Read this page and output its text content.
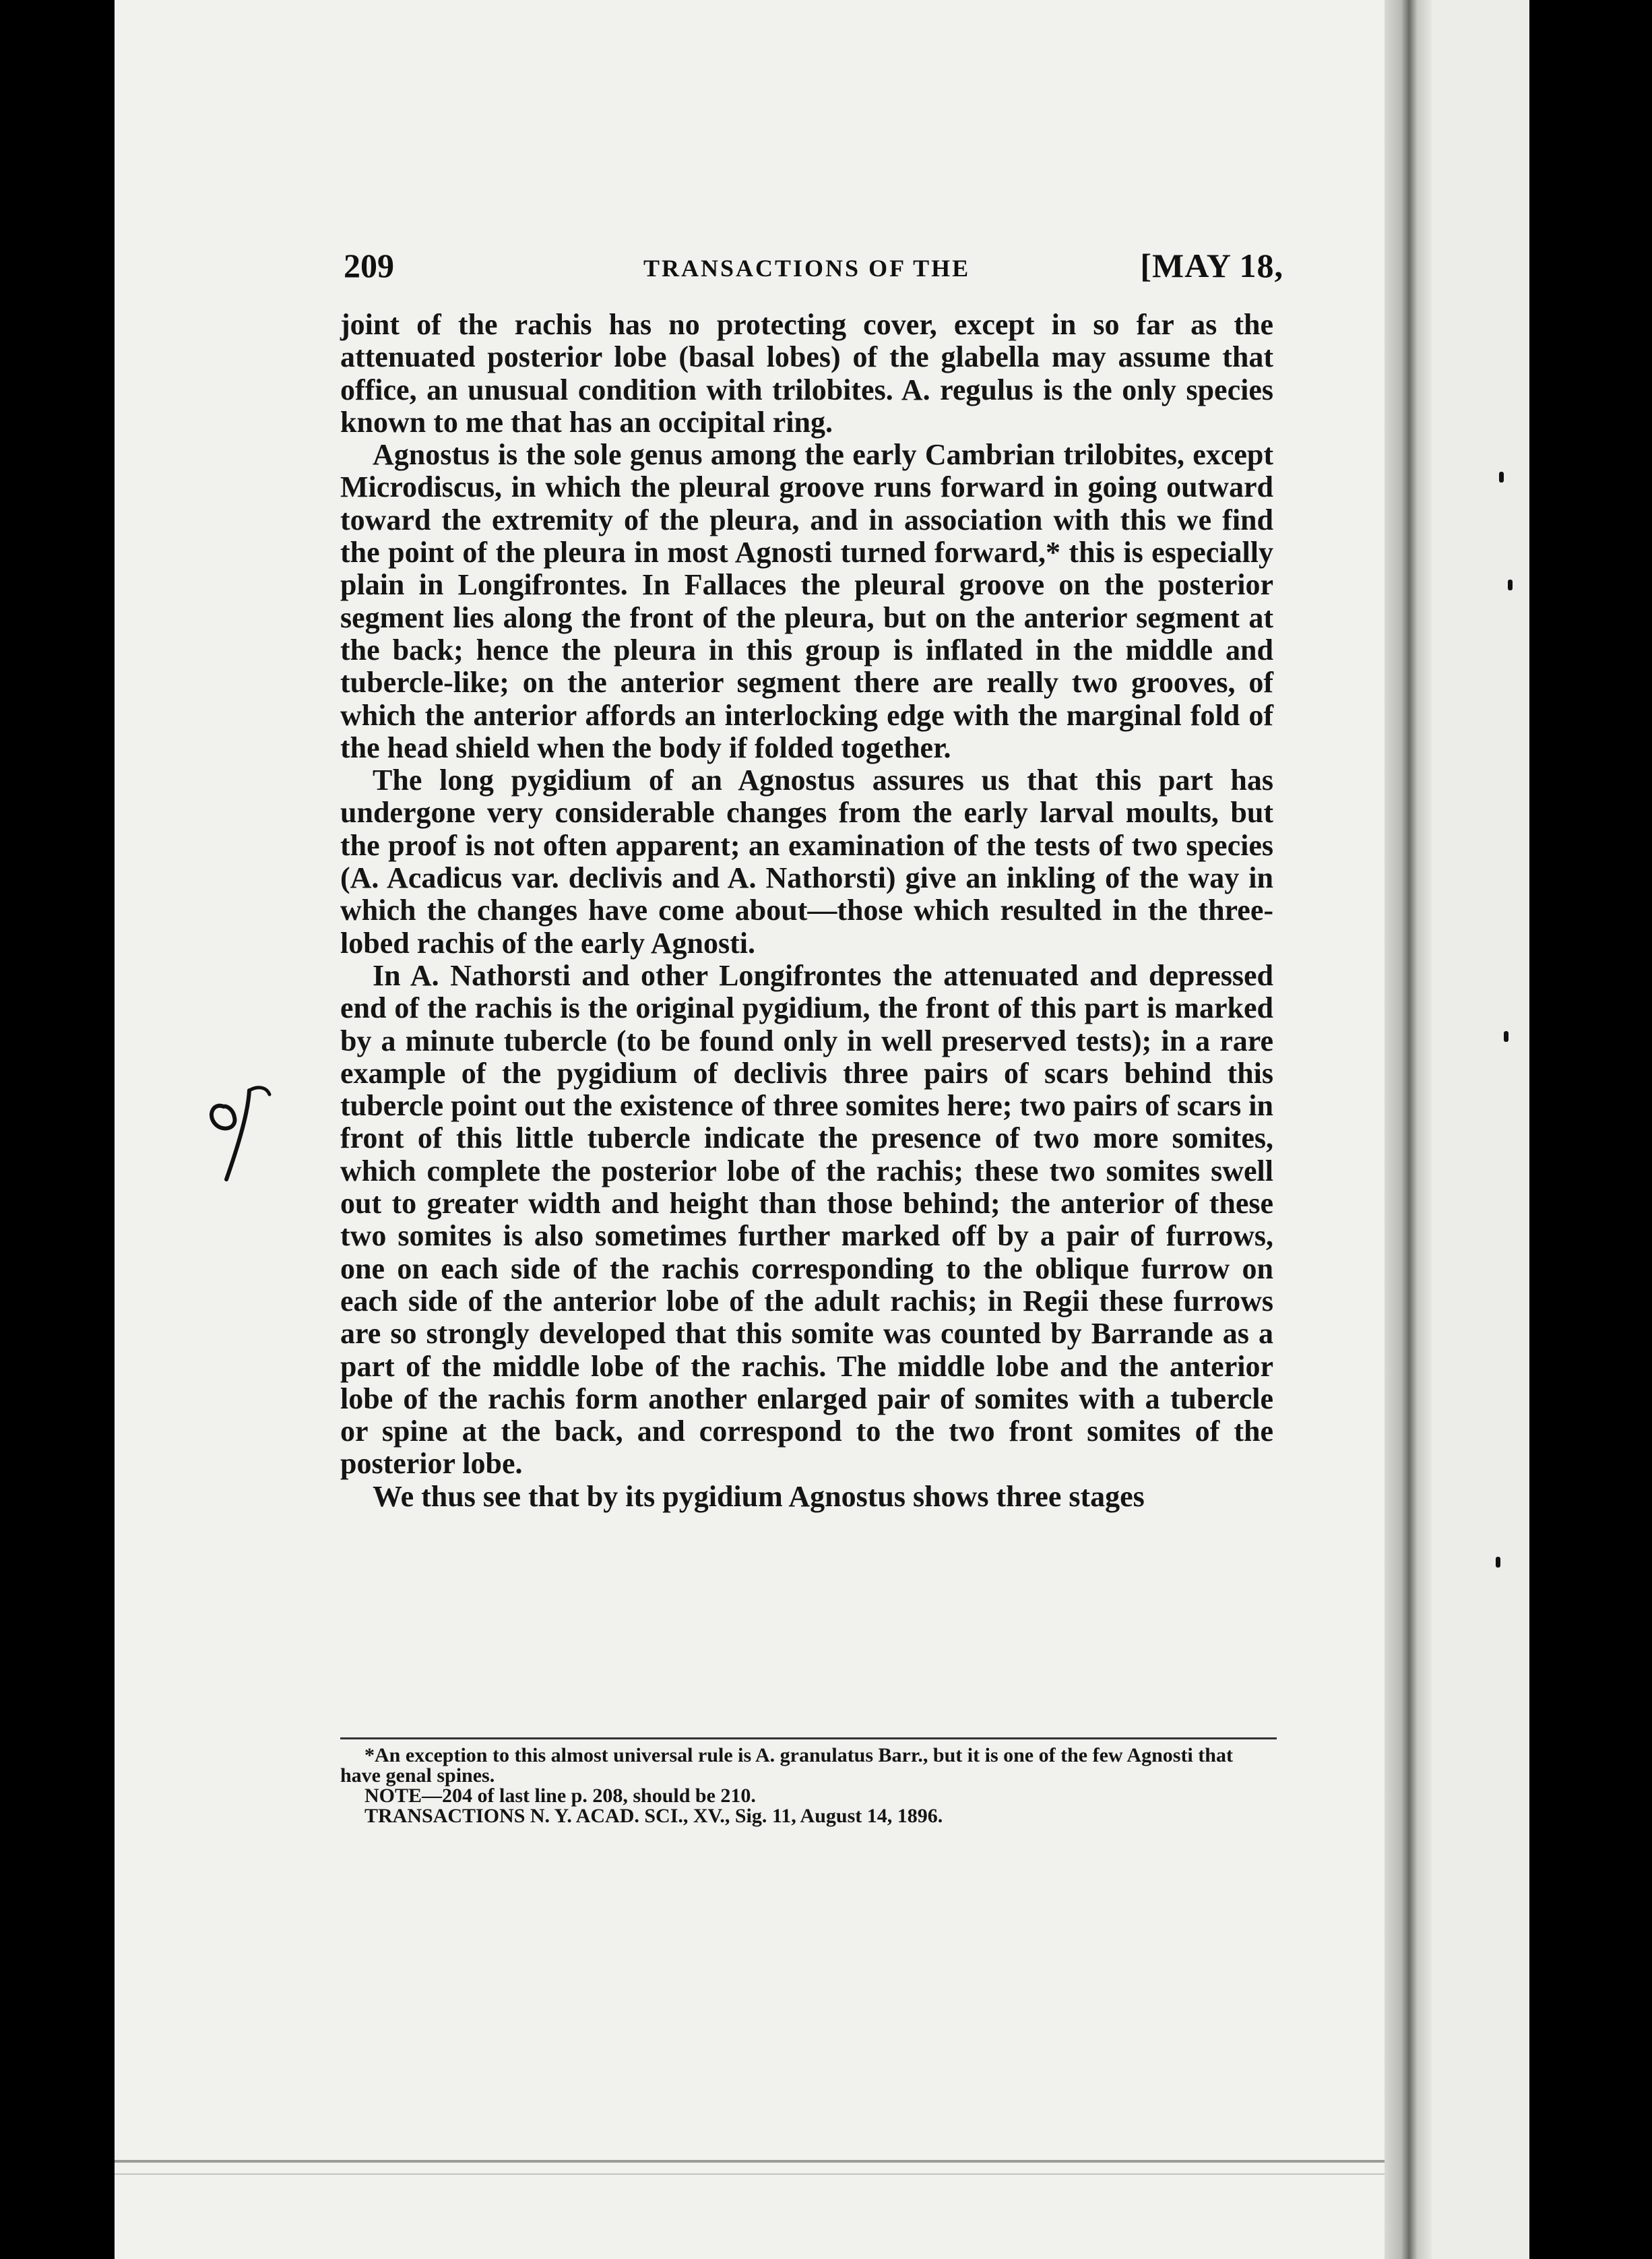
209	TRANSACTIONS OF THE	[MAY 18,

joint of the rachis has no protecting cover, except in so far as the attenuated posterior lobe (basal lobes) of the glabella may assume that office, an unusual condition with trilobites. A. regulus is the only species known to me that has an occipital ring.

Agnostus is the sole genus among the early Cambrian trilobites, except Microdiscus, in which the pleural groove runs forward in going outward toward the extremity of the pleura, and in association with this we find the point of the pleura in most Agnosti turned forward,* this is especially plain in Longifrontes. In Fallaces the pleural groove on the posterior segment lies along the front of the pleura, but on the anterior segment at the back; hence the pleura in this group is inflated in the middle and tubercle-like; on the anterior segment there are really two grooves, of which the anterior affords an interlocking edge with the marginal fold of the head shield when the body if folded together.

The long pygidium of an Agnostus assures us that this part has undergone very considerable changes from the early larval moults, but the proof is not often apparent; an examination of the tests of two species (A. Acadicus var. declivis and A. Nathorsti) give an inkling of the way in which the changes have come about—those which resulted in the three-lobed rachis of the early Agnosti.

In A. Nathorsti and other Longifrontes the attenuated and depressed end of the rachis is the original pygidium, the front of this part is marked by a minute tubercle (to be found only in well preserved tests); in a rare example of the pygidium of declivis three pairs of scars behind this tubercle point out the existence of three somites here; two pairs of scars in front of this little tubercle indicate the presence of two more somites, which complete the posterior lobe of the rachis; these two somites swell out to greater width and height than those behind; the anterior of these two somites is also sometimes further marked off by a pair of furrows, one on each side of the rachis corresponding to the oblique furrow on each side of the anterior lobe of the adult rachis; in Regii these furrows are so strongly developed that this somite was counted by Barrande as a part of the middle lobe of the rachis. The middle lobe and the anterior lobe of the rachis form another enlarged pair of somites with a tubercle or spine at the back, and correspond to the two front somites of the posterior lobe.

We thus see that by its pygidium Agnostus shows three stages

*An exception to this almost universal rule is A. granulatus Barr., but it is one of the few Agnosti that have genal spines.

NOTE—204 of last line p. 208, should be 210.

TRANSACTIONS N. Y. ACAD. SCI., XV., Sig. 11, August 14, 1896.
